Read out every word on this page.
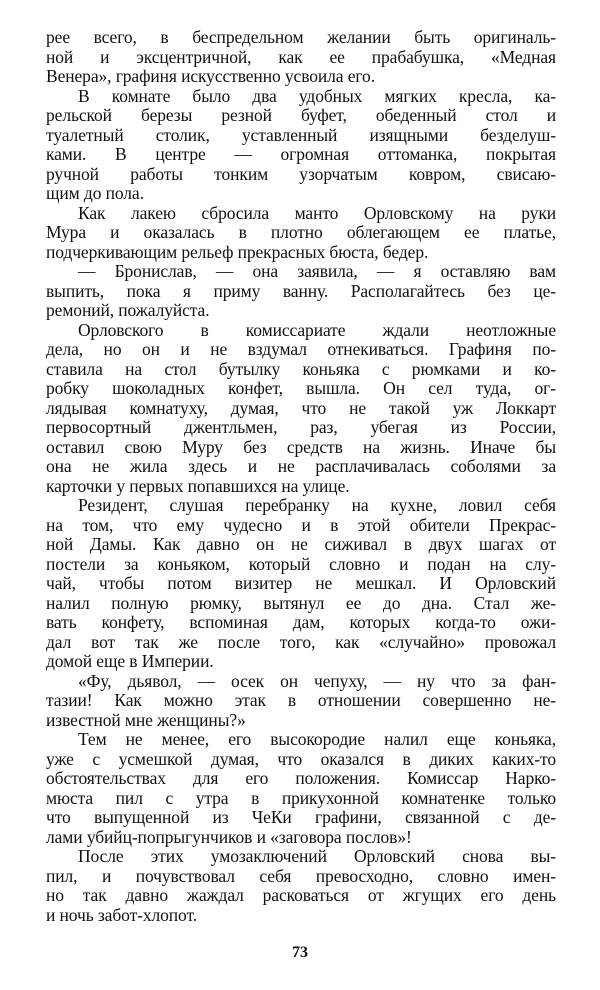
рее всего, в беспредельном желании быть оригиналь-
ной и эксцентричной, как ее прабабушка, «Медная
Венера», графиня искусственно усвоила его.
В комнате было два удобных мягких кресла, ка-
рельской березы резной буфет, обеденный стол и
туалетный столик, уставленный изящными безделуш-
ками. В центре — огромная оттоманка, покрытая
ручной работы тонким узорчатым ковром, свисаю-
щим до пола.
Как лакею сбросила манто Орловскому на руки
Мура и оказалась в плотно облегающем ее платье,
подчеркивающим рельеф прекрасных бюста, бедер.
— Бронислав, — она заявила, — я оставляю вам
выпить, пока я приму ванну. Располагайтесь без це-
ремоний, пожалуйста.
Орловского в комиссариате ждали неотложные
дела, но он и не вздумал отнекиваться. Графиня по-
ставила на стол бутылку коньяка с рюмками и ко-
робку шоколадных конфет, вышла. Он сел туда, ог-
лядывая комнатуху, думая, что не такой уж Локкарт
первосортный джентльмен, раз, убегая из России,
оставил свою Муру без средств на жизнь. Иначе бы
она не жила здесь и не расплачивалась соболями за
карточки у первых попавшихся на улице.
Резидент, слушая перебранку на кухне, ловил себя
на том, что ему чудесно и в этой обители Прекрас-
ной Дамы. Как давно он не сиживал в двух шагах от
постели за коньяком, который словно и подан на слу-
чай, чтобы потом визитер не мешкал. И Орловский
налил полную рюмку, вытянул ее до дна. Стал же-
вать конфету, вспоминая дам, которых когда-то ожи-
дал вот так же после того, как «случайно» провожал
домой еще в Империи.
«Фу, дьявол, — осек он чепуху, — ну что за фан-
тазии! Как можно этак в отношении совершенно не-
известной мне женщины?»
Тем не менее, его высокородие налил еще коньяка,
уже с усмешкой думая, что оказался в диких каких-то
обстоятельствах для его положения. Комиссар Нарко-
мюста пил с утра в прикухонной комнатенке только
что выпущенной из ЧеКи графини, связанной с де-
лами убийц-попрыгунчиков и «заговора послов»!
После этих умозаключений Орловский снова вы-
пил, и почувствовал себя превосходно, словно имен-
но так давно жаждал расковаться от жгущих его день
и ночь забот-хлопот.
73
